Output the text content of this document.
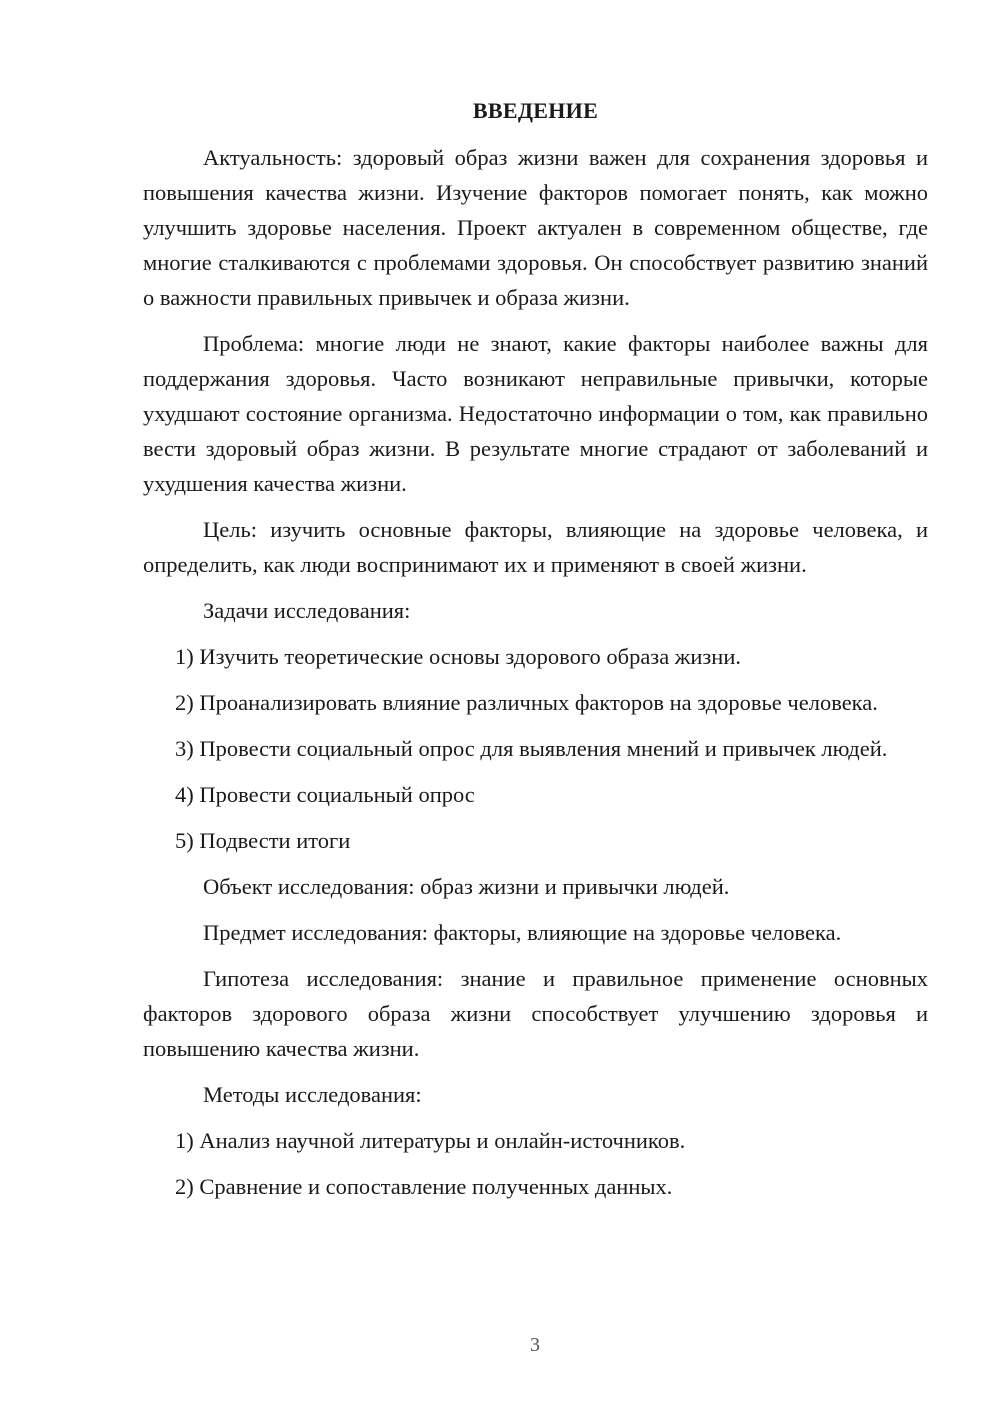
ВВЕДЕНИЕ
Актуальность: здоровый образ жизни важен для сохранения здоровья и повышения качества жизни. Изучение факторов помогает понять, как можно улучшить здоровье населения. Проект актуален в современном обществе, где многие сталкиваются с проблемами здоровья. Он способствует развитию знаний о важности правильных привычек и образа жизни.
Проблема: многие люди не знают, какие факторы наиболее важны для поддержания здоровья. Часто возникают неправильные привычки, которые ухудшают состояние организма. Недостаточно информации о том, как правильно вести здоровый образ жизни. В результате многие страдают от заболеваний и ухудшения качества жизни.
Цель: изучить основные факторы, влияющие на здоровье человека, и определить, как люди воспринимают их и применяют в своей жизни.
Задачи исследования:
1) Изучить теоретические основы здорового образа жизни.
2) Проанализировать влияние различных факторов на здоровье человека.
3) Провести социальный опрос для выявления мнений и привычек людей.
4) Провести социальный опрос
5) Подвести итоги
Объект исследования: образ жизни и привычки людей.
Предмет исследования: факторы, влияющие на здоровье человека.
Гипотеза исследования: знание и правильное применение основных факторов здорового образа жизни способствует улучшению здоровья и повышению качества жизни.
Методы исследования:
1) Анализ научной литературы и онлайн-источников.
2) Сравнение и сопоставление полученных данных.
3
